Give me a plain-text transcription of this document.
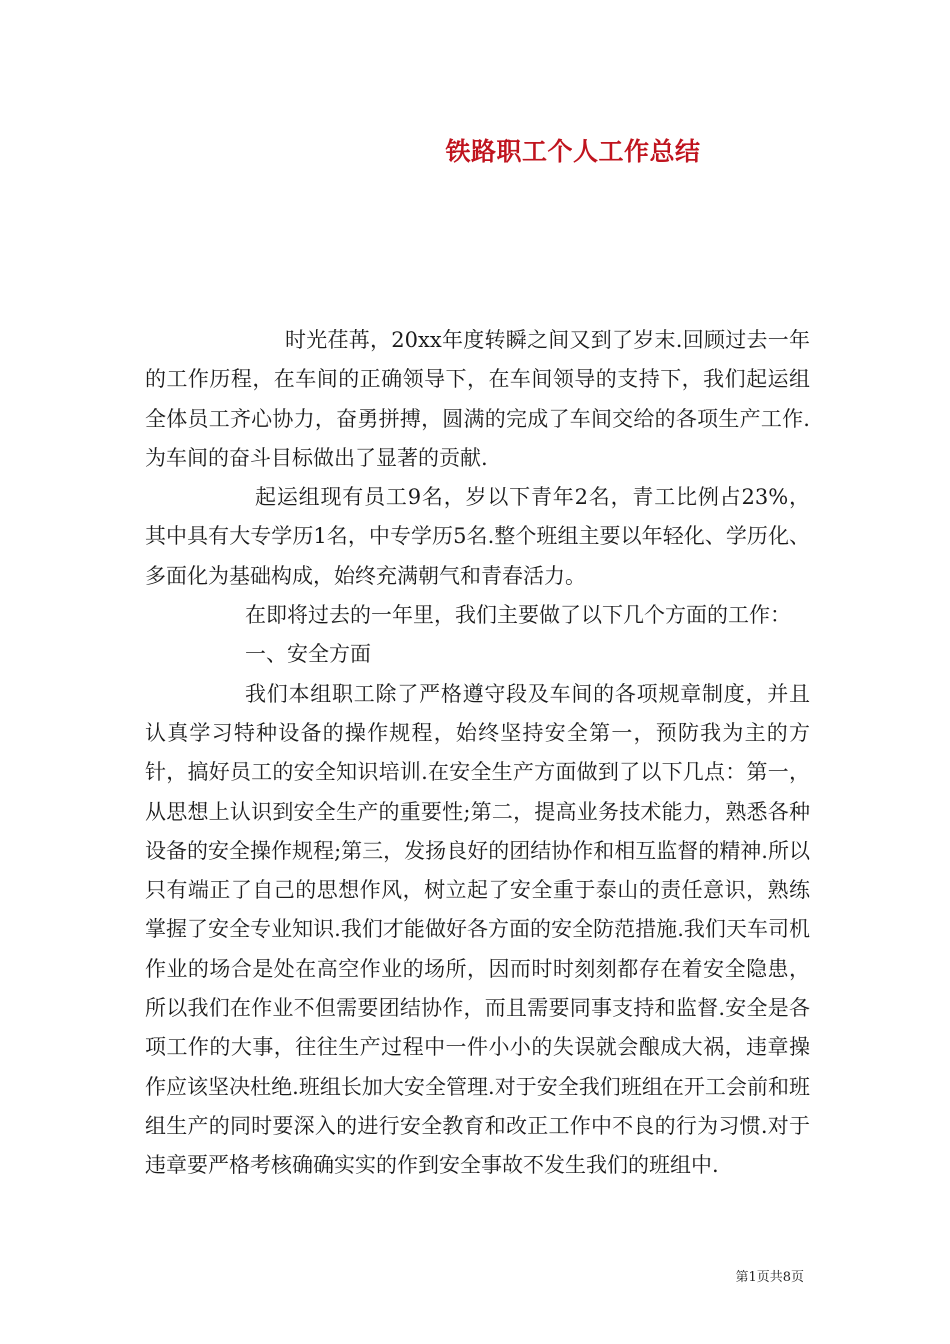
铁路职工个人工作总结

时光荏苒，20xx年度转瞬之间又到了岁末.回顾过去一年的工作历程，在车间的正确领导下，在车间领导的支持下，我们起运组全体员工齐心协力，奋勇拼搏，圆满的完成了车间交给的各项生产工作.为车间的奋斗目标做出了显著的贡献.

起运组现有员工9名，岁以下青年2名，青工比例占23%，其中具有大专学历1名，中专学历5名.整个班组主要以年轻化、学历化、多面化为基础构成，始终充满朝气和青春活力。

在即将过去的一年里，我们主要做了以下几个方面的工作：

一、安全方面

我们本组职工除了严格遵守段及车间的各项规章制度，并且认真学习特种设备的操作规程，始终坚持安全第一，预防我为主的方针，搞好员工的安全知识培训.在安全生产方面做到了以下几点：第一，从思想上认识到安全生产的重要性;第二，提高业务技术能力，熟悉各种设备的安全操作规程;第三，发扬良好的团结协作和相互监督的精神.所以只有端正了自己的思想作风，树立起了安全重于泰山的责任意识，熟练掌握了安全专业知识.我们才能做好各方面的安全防范措施.我们天车司机作业的场合是处在高空作业的场所，因而时时刻刻都存在着安全隐患，所以我们在作业不但需要团结协作，而且需要同事支持和监督.安全是各项工作的大事，往往生产过程中一件小小的失误就会酿成大祸，违章操作应该坚决杜绝.班组长加大安全管理.对于安全我们班组在开工会前和班组生产的同时要深入的进行安全教育和改正工作中不良的行为习惯.对于违章要严格考核确确实实的作到安全事故不发生我们的班组中.

第1页共8页
